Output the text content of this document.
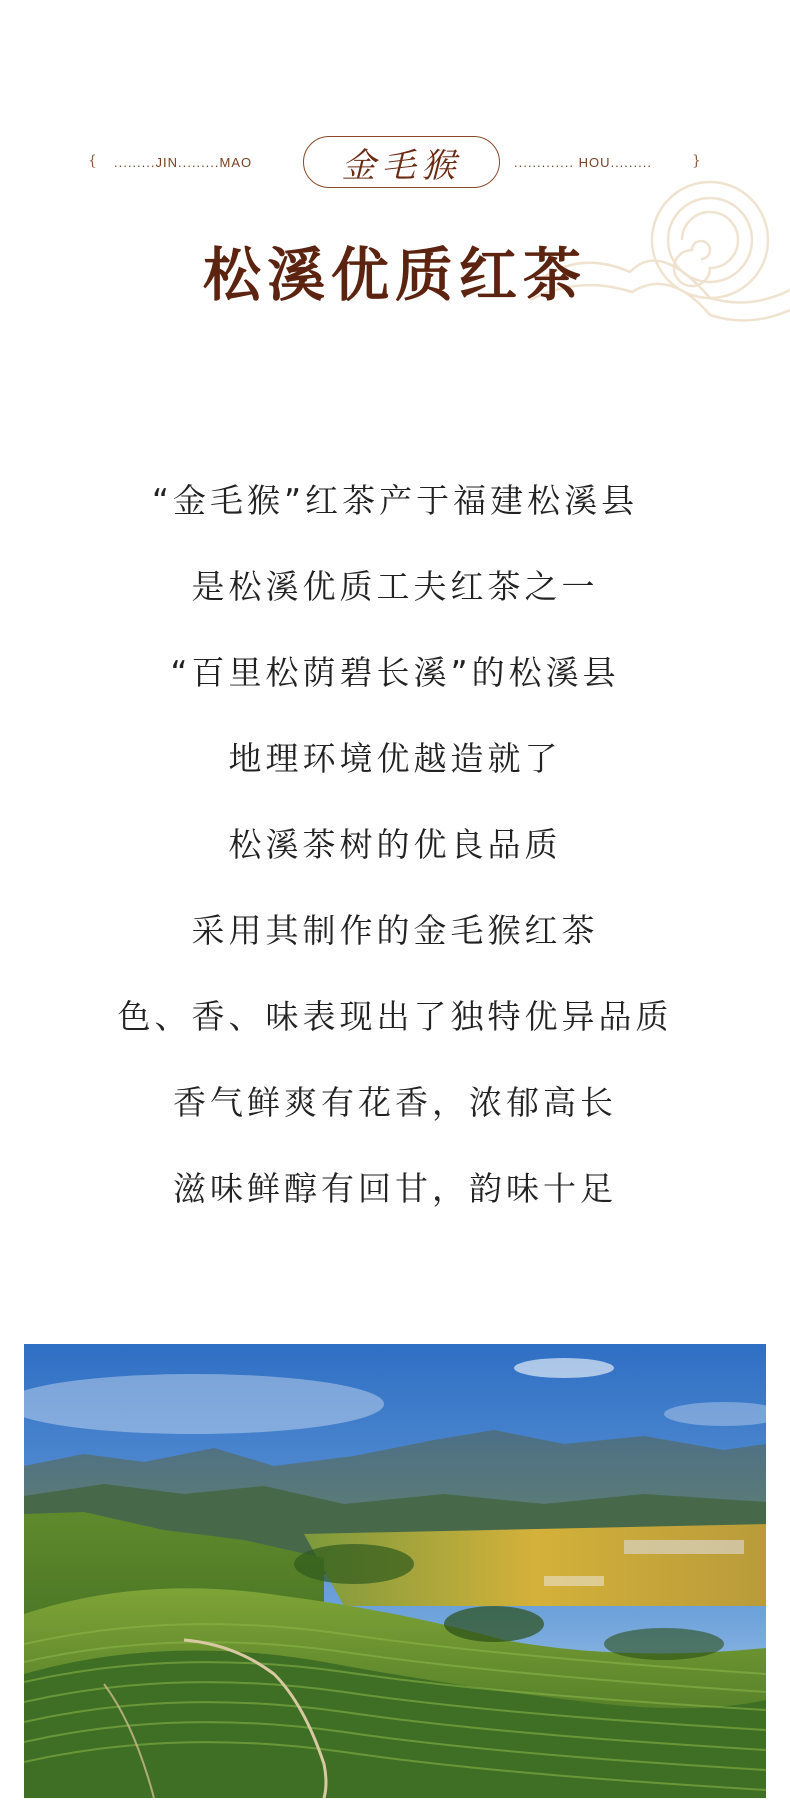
{ .........JIN.........MAO	金毛猴	............. HOU.........	}
松溪优质红茶
“金毛猴”红茶产于福建松溪县
是松溪优质工夫红茶之一
“百里松荫碧长溪”的松溪县
地理环境优越造就了
松溪茶树的优良品质
采用其制作的金毛猴红茶
色、香、味表现出了独特优异品质
香气鲜爽有花香，浓郁高长
滋味鲜醇有回甘，韵味十足
